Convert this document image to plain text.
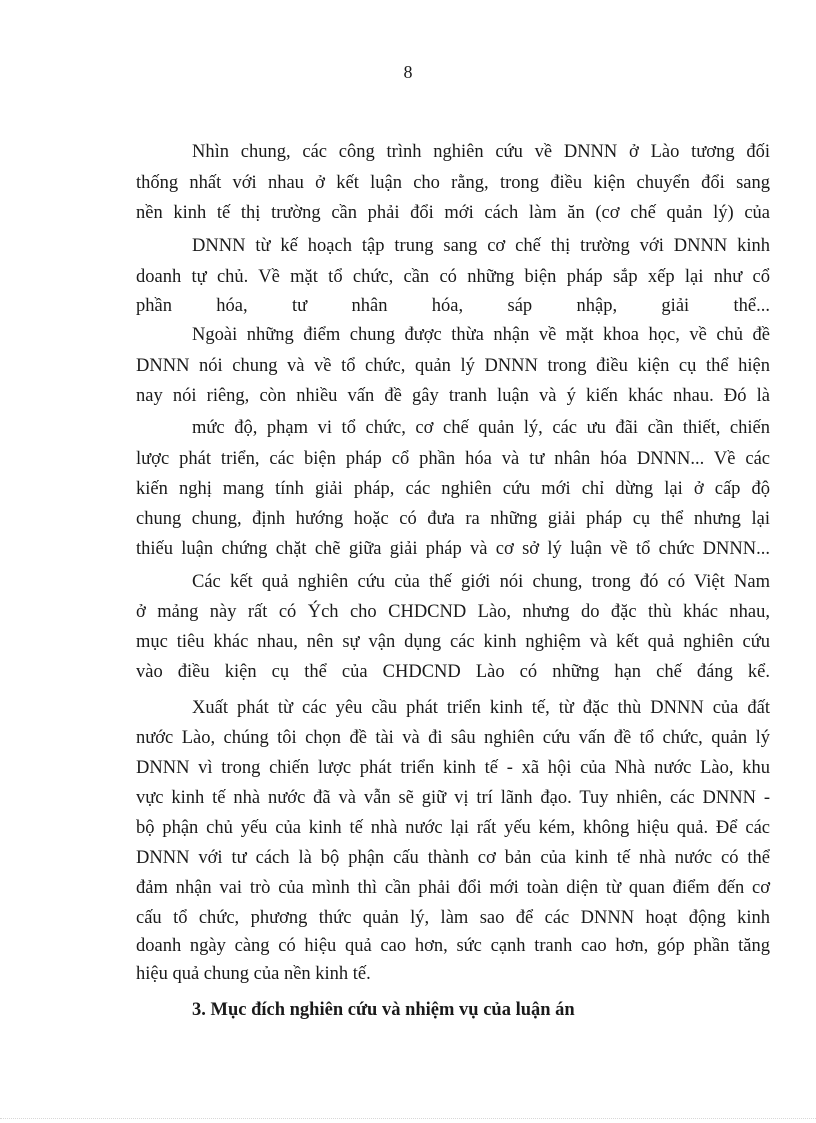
8
Nhìn chung, các công trình nghiên cứu về DNNN ở Lào tương đối
thống nhất với nhau ở kết luận cho rằng, trong điều kiện chuyển đổi sang
nền kinh tế thị trường cần phải đổi mới cách làm ăn (cơ chế quản lý) của
DNNN từ kế hoạch tập trung sang cơ chế thị trường với DNNN kinh
doanh tự chủ. Về mặt tổ chức, cần có những biện pháp sắp xếp lại như cổ
phần hóa, tư nhân hóa, sáp nhập, giải thể...
Ngoài những điểm chung được thừa nhận về mặt khoa học, về chủ đề
DNNN nói chung và về tổ chức, quản lý DNNN trong điều kiện cụ thể hiện
nay nói riêng, còn nhiều vấn đề gây tranh luận và ý kiến khác nhau. Đó là
mức độ, phạm vi tổ chức, cơ chế quản lý, các ưu đãi cần thiết, chiến
lược phát triển, các biện pháp cổ phần hóa và tư nhân hóa DNNN... Về các
kiến nghị mang tính giải pháp, các nghiên cứu mới chỉ dừng lại ở cấp độ
chung chung, định hướng hoặc có đưa ra những giải pháp cụ thể nhưng lại
thiếu luận chứng chặt chẽ giữa giải pháp và cơ sở lý luận về tổ chức DNNN...
Các kết quả nghiên cứu của thế giới nói chung, trong đó có Việt Nam
ở mảng này rất có Ých cho CHDCND Lào, nhưng do đặc thù khác nhau,
mục tiêu khác nhau, nên sự vận dụng các kinh nghiệm và kết quả nghiên cứu
vào điều kiện cụ thể của CHDCND Lào có những hạn chế đáng kể.
Xuất phát từ các yêu cầu phát triển kinh tế, từ đặc thù DNNN của đất
nước Lào, chúng tôi chọn đề tài và đi sâu nghiên cứu vấn đề tổ chức, quản lý
DNNN vì trong chiến lược phát triển kinh tế - xã hội của Nhà nước Lào, khu
vực kinh tế nhà nước đã và vẫn sẽ giữ vị trí lãnh đạo. Tuy nhiên, các DNNN -
bộ phận chủ yếu của kinh tế nhà nước lại rất yếu kém, không hiệu quả. Để các
DNNN với tư cách là bộ phận cấu thành cơ bản của kinh tế nhà nước có thể
đảm nhận vai trò của mình thì cần phải đổi mới toàn diện từ quan điểm đến cơ
cấu tổ chức, phương thức quản lý, làm sao để các DNNN hoạt động kinh
doanh ngày càng có hiệu quả cao hơn, sức cạnh tranh cao hơn, góp phần tăng
hiệu quả chung của nền kinh tế.
3. Mục đích nghiên cứu và nhiệm vụ của luận án
